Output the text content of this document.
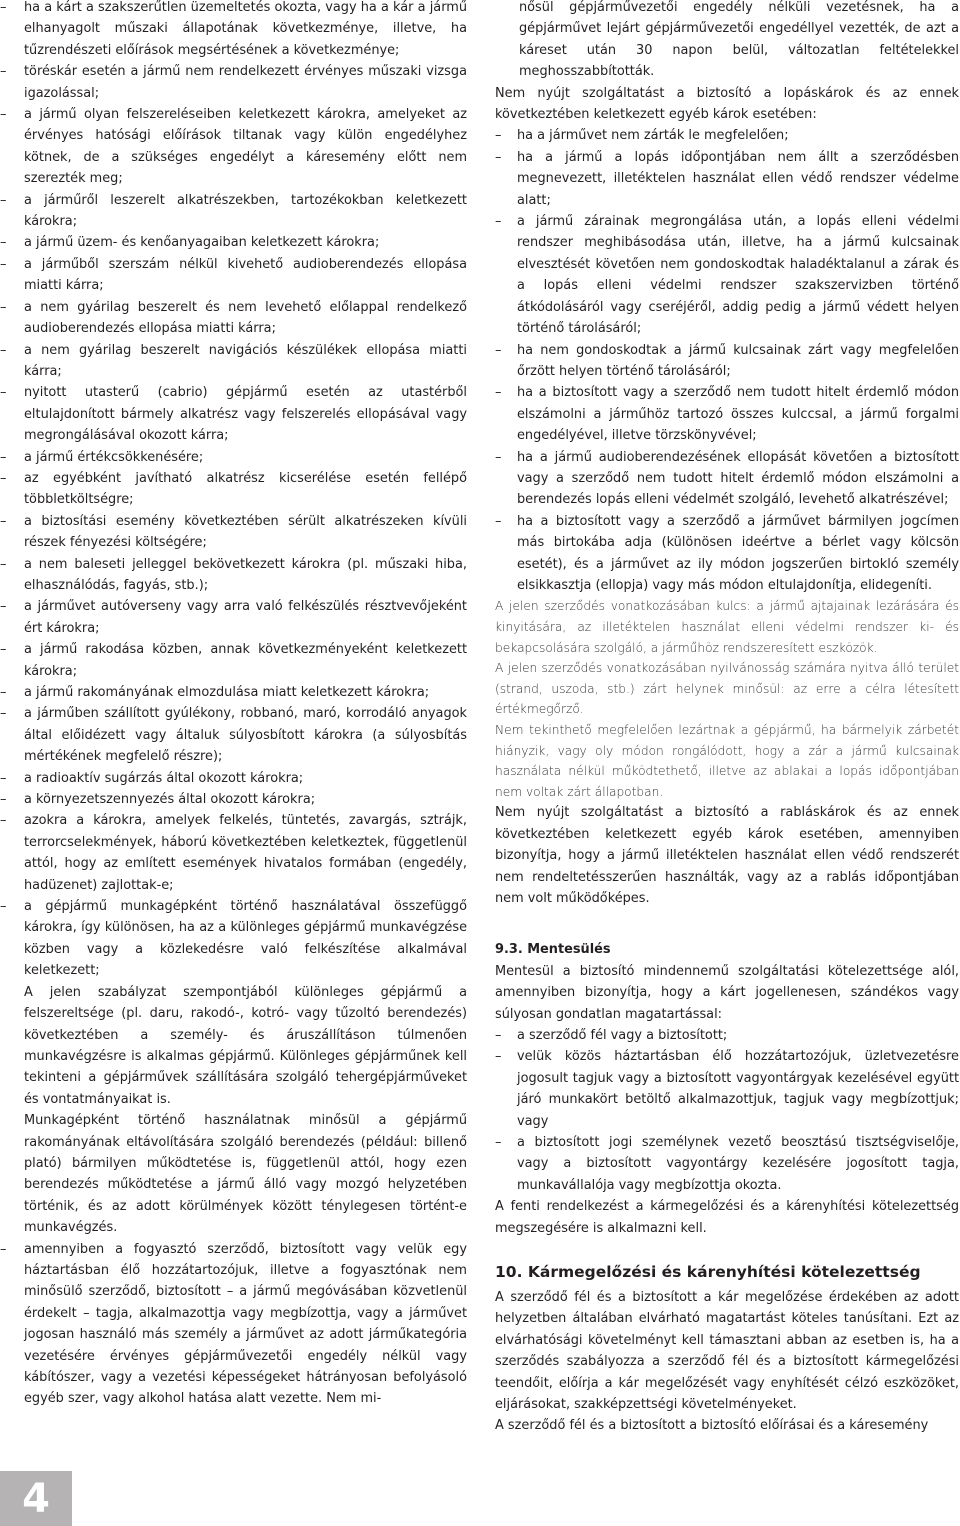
– ha a kárt a szakszerűtlen üzemeltetés okozta, vagy ha a kár a jármű elhanyagolt műszaki állapotának következménye, illetve, ha tűzrendészeti előírások megsértésének a következménye;
– töréskár esetén a jármű nem rendelkezett érvényes műszaki vizsga igazolással;
– a jármű olyan felszereléseiben keletkezett károkra, amelyeket az érvényes hatósági előírások tiltanak vagy külön engedélyhez kötnek, de a szükséges engedélyt a káresemény előtt nem szerezték meg;
– a járműről leszerelt alkatrészekben, tartozékokban keletkezett károkra;
– a jármű üzem- és kenőanyagaiban keletkezett károkra;
– a járműből szerszám nélkül kivehető audioberendezés ellopása miatti kárra;
– a nem gyárilag beszerelt és nem levehető előlappal rendelkező audioberendezés ellopása miatti kárra;
– a nem gyárilag beszerelt navigációs készülékek ellopása miatti kárra;
– nyitott utasterű (cabrio) gépjármű esetén az utastérből eltulajdonított bármely alkatrész vagy felszerelés ellopásával vagy megrongálásával okozott kárra;
– a jármű értékcsökkenésére;
– az egyébként javítható alkatrész kicserélése esetén fellépő többletköltségre;
– a biztosítási esemény következtében sérült alkatrészeken kívüli részek fényezési költségére;
– a nem baleseti jelleggel bekövetkezett károkra (pl. műszaki hiba, elhasználódás, fagyás, stb.);
– a járművet autóverseny vagy arra való felkészülés résztvevőjeként ért károkra;
– a jármű rakodása közben, annak következményeként keletkezett károkra;
– a jármű rakományának elmozdulása miatt keletkezett károkra;
– a járműben szállított gyúlékony, robbanó, maró, korrodáló anyagok által előidézett vagy általuk súlyosbított károkra (a súlyosbítás mértékének megfelelő részre);
– a radioaktív sugárzás által okozott károkra;
– a környezetszennyezés által okozott károkra;
– azokra a károkra, amelyek felkelés, tüntetés, zavargás, sztrájk, terrorcselekmények, háború következtében keletkeztek, függetlenül attól, hogy az említett események hivatalos formában (engedély, hadüzenet) zajlottak-e;
– a gépjármű munkagépként történő használatával összefüggő károkra, így különösen, ha az a különleges gépjármű munkavégzése közben vagy a közlekedésre való felkészítése alkalmával keletkezett;

A jelen szabályzat szempontjából különleges gépjármű a felszereltsége (pl. daru, rakodó-, kotró- vagy tűzoltó berendezés) következtében a személy- és áruszállításon túlmenően munkavégzésre is alkalmas gépjármű. Különleges gépjárműnek kell tekinteni a gépjárművek szállítására szolgáló tehergépjárműveket és vontatmányaikat is.

Munkagépként történő használatnak minősül a gépjármű rakományának eltávolítására szolgáló berendezés (például: billenő plató) bármilyen működtetése is, függetlenül attól, hogy ezen berendezés működtetése a jármű álló vagy mozgó helyzetében történik, és az adott körülmények között ténylegesen történt-e munkavégzés.

– amennyiben a fogyasztó szerződő, biztosított vagy velük egy háztartásban élő hozzátartozójuk, illetve a fogyasztónak nem minősülő szerződő, biztosított – a jármű megóvásában közvetlenül érdekelt – tagja, alkalmazottja vagy megbízottja, vagy a járművet jogosan használó más személy a járművet az adott járműkategória vezetésére érvényes gépjárművezetői engedély nélkül vagy kábítószer, vagy a vezetési képességeket hátrányosan befolyásoló egyéb szer, vagy alkohol hatása alatt vezette. Nem mi-

nősül gépjárművezetői engedély nélküli vezetésnek, ha a gépjárművet lejárt gépjárművezetői engedéllyel vezették, de azt a káreset után 30 napon belül, változatlan feltételekkel meghosszabbították.

Nem nyújt szolgáltatást a biztosító a lopáskárok és az ennek következtében keletkezett egyéb károk esetében:

– ha a járművet nem zárták le megfelelően;
– ha a jármű a lopás időpontjában nem állt a szerződésben megnevezett, illetéktelen használat ellen védő rendszer védelme alatt;
– a jármű zárainak megrongálása után, a lopás elleni védelmi rendszer meghibásodása után, illetve, ha a jármű kulcsainak elvesztését követően nem gondoskodtak haladéktalanul a zárak és a lopás elleni védelmi rendszer szakszervizben történő átkódolásáról vagy cseréjéről, addig pedig a jármű védett helyen történő tárolásáról;
– ha nem gondoskodtak a jármű kulcsainak zárt vagy megfelelően őrzött helyen történő tárolásáról;
– ha a biztosított vagy a szerződő nem tudott hitelt érdemlő módon elszámolni a járműhöz tartozó összes kulccsal, a jármű forgalmi engedélyével, illetve törzskönyvével;
– ha a jármű audioberendezésének ellopását követően a biztosított vagy a szerződő nem tudott hitelt érdemlő módon elszámolni a berendezés lopás elleni védelmét szolgáló, levehető alkatrészével;
– ha a biztosított vagy a szerződő a járművet bármilyen jogcímen más birtokába adja (különösen ideértve a bérlet vagy kölcsön esetét), és a járművet az ily módon jogszerűen birtokló személy elsikkasztja (ellopja) vagy más módon eltulajdonítja, elidegeníti.

A jelen szerződés vonatkozásában kulcs: a jármű ajtajainak lezárására és kinyitására, az illetéktelen használat elleni védelmi rendszer ki- és bekapcsolására szolgáló, a járműhöz rendszeresített eszközök.

A jelen szerződés vonatkozásában nyilvánosság számára nyitva álló terület (strand, uszoda, stb.) zárt helynek minősül: az erre a célra létesített értékmegőrző.

Nem tekinthető megfelelően lezártnak a gépjármű, ha bármelyik zárbetét hiányzik, vagy oly módon rongálódott, hogy a zár a jármű kulcsainak használata nélkül működtethető, illetve az ablakai a lopás időpontjában nem voltak zárt állapotban.

Nem nyújt szolgáltatást a biztosító a rabláskárok és az ennek következtében keletkezett egyéb károk esetében, amennyiben bizonyítja, hogy a jármű illetéktelen használat ellen védő rendszerét nem rendeltetésszerűen használták, vagy az a rablás időpontjában nem volt működőképes.

9.3. Mentesülés

Mentesül a biztosító mindennemű szolgáltatási kötelezettsége alól, amennyiben bizonyítja, hogy a kárt jogellenesen, szándékos vagy súlyosan gondatlan magatartással:

– a szerződő fél vagy a biztosított;
– velük közös háztartásban élő hozzátartozójuk, üzletvezetésre jogosult tagjuk vagy a biztosított vagyontárgyak kezelésével együtt járó munkakört betöltő alkalmazottjuk, tagjuk vagy megbízottjuk; vagy
– a biztosított jogi személynek vezető beosztású tisztségviselője, vagy a biztosított vagyontárgy kezelésére jogosított tagja, munkavállalója vagy megbízottja okozta.

A fenti rendelkezést a kármegelőzési és a kárenyhítési kötelezettség megszegésére is alkalmazni kell.

10. Kármegelőzési és kárenyhítési kötelezettség

A szerződő fél és a biztosított a kár megelőzése érdekében az adott helyzetben általában elvárható magatartást köteles tanúsítani. Ezt az elvárhatósági követelményt kell támasztani abban az esetben is, ha a szerződés szabályozza a szerződő fél és a biztosított kármegelőzési teendőit, előírja a kár megelőzését vagy enyhítését célzó eszközöket, eljárásokat, szakképzettségi követelményeket.

A szerződő fél és a biztosított a biztosító előírásai és a káresemény

4
